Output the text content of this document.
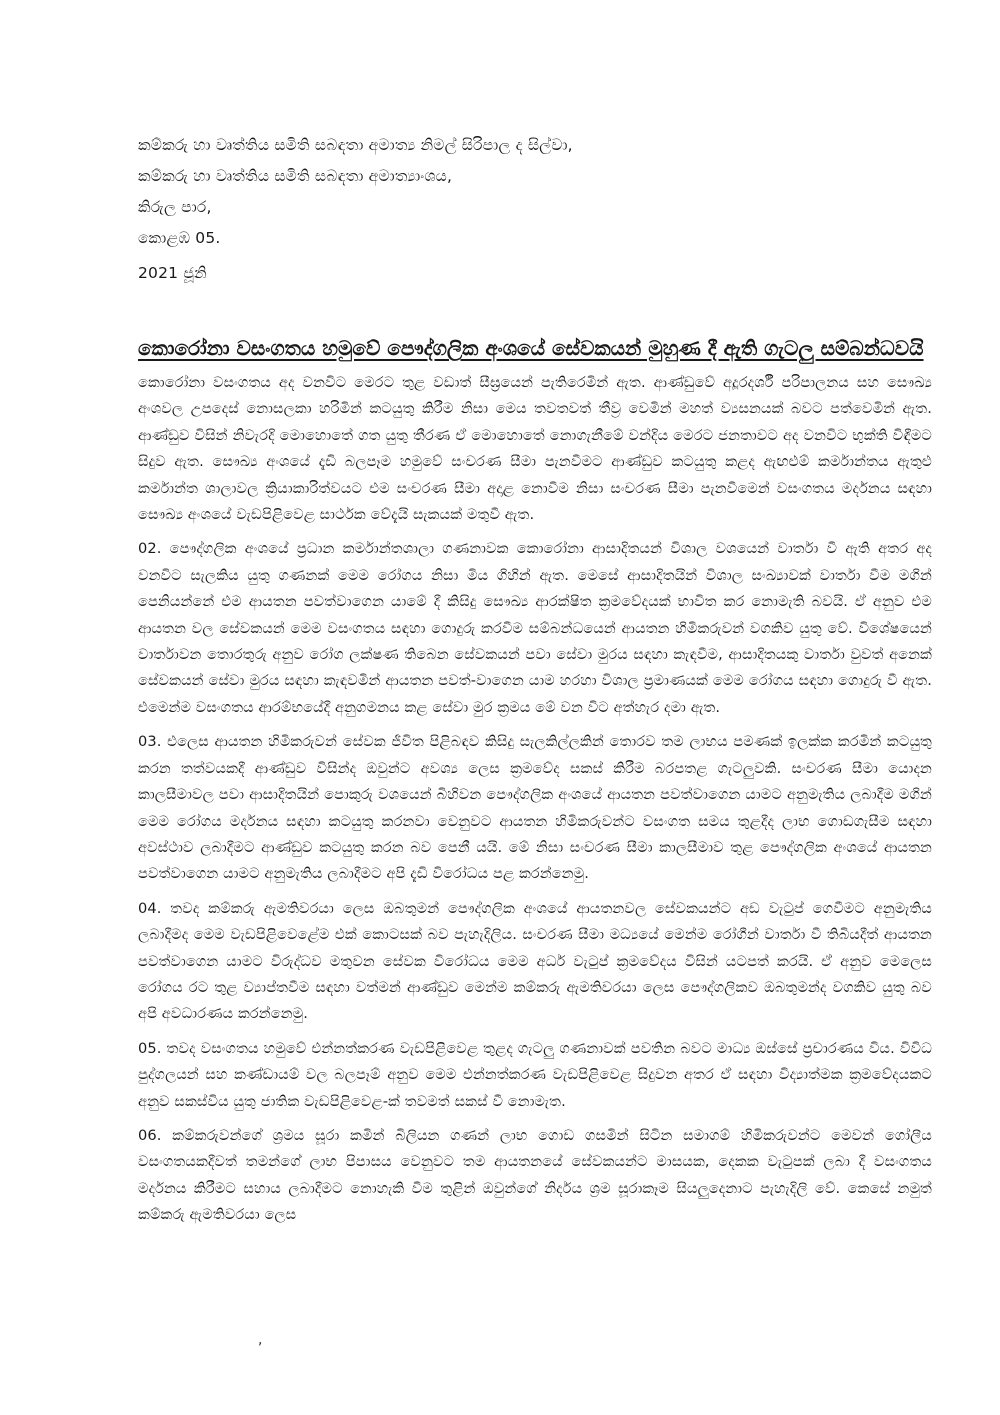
කම්කරු හා වෘත්තිය සමිති සබඳතා අමාත්‍ය නිමල් සිරිපාල ද සිල්වා,

කම්කරු හා වෘත්තිය සමිති සබඳතා අමාත්‍යාංශය,

කිරුල පාර,

කොළඹ 05.

2021 ජූනි

කොරෝනා වසංගතය හමුවේ පෞද්ගලික අංශයේ සේවකයන් මුහුණ දී ඇති ගැටලු සම්බන්ධවයි

කොරෝනා වසංගතය අද වනවිට මෙරට තුළ වඩාත් සීඝ්‍රයෙන් පැතිරෙමින් ඇත. ආණ්ඩුවේ අදූරදර්ශී පරිපාලනය සහ සෞඛ්‍ය අංශවල උපදෙස් නොසලකා හරිමින් කටයුතු කිරීම නිසා මෙය තවතවත් තීව්‍ර වෙමින් මහත් ව්‍යසනයක් බවට පත්වෙමින් ඇත. ආණ්ඩුව විසින් නිවැරදි මොහොතේ ගත යුතු තීරණ ඒ මොහොතේ නොගැනීමේ වන්දිය මෙරට ජනතාවට අද වනවිට භුක්ති විඳීමට සිදුව ඇත. සෞඛ්‍ය අංශයේ දැඩි බලපෑම හමුවේ සංචරණ සීමා පැනවීමට ආණ්ඩුව කටයුතු කළද ඇඟළුම් කර්මාන්තය ඇතුළු කර්මාන්ත ශාලාවල ක්‍රියාකාරිත්වයට එම සංචරණ සීමා අදාළ නොවීම නිසා සංචරණ සීමා පැනවීමෙන් වසංගතය මර්දනය සඳහා සෞඛ්‍ය අංශයේ වැඩපිළිවෙළ සාර්ථක වේදැයි සැකයක් මතුවී ඇත.

02. පෞද්ගලික අංශයේ ප්‍රධාන කර්මාන්තශාලා ගණනාවක කොරෝනා ආසාදිතයන් විශාල වශයෙන් වාර්තා වී ඇති අතර අද වනවිට සැලකිය යුතු ගණනක් මෙම රෝගය නිසා මිය ගිහින් ඇත. මෙසේ ආසාදිතයින් විශාල සංඛ්‍යාවක් වාර්තා වීම මගින් පෙනියන්නේ එම ආයතන පවත්වාගෙන යාමේ දී කිසිදු සෞඛ්‍ය ආරක්ෂිත ක්‍රමවේදයක් භාවිත කර නොමැති බවයි. ඒ අනුව එම ආයතන වල සේවකයන් මෙම වසංගතය සඳහා ගොදුරු කරවීම සම්බන්ධයෙන් ආයතන හිමිකරුවන් වගකිව යුතු වේ. විශේෂයෙන් වාර්තාවන තොරතුරු අනුව රෝග ලක්ෂණ තිබෙන සේවකයන් පවා සේවා මුරය සඳහා කැඳවීම, ආසාදිතයකු වාර්තා වුවත් අනෙක් සේවකයන් සේවා මුරය සඳහා කැඳවමින් ආයතන පවත්-වාගෙන යාම හරහා විශාල ප්‍රමාණයක් මෙම රෝගය සඳහා ගොදුරු වී ඇත. එමෙන්ම වසංගතය ආරම්භයේදී අනුගමනය කළ සේවා මුර ක්‍රමය මේ වන විට අත්හැර දමා ඇත.

03. එලෙස ආයතන හිමිකරුවන් සේවක ජීවිත පිළිබඳව කිසිදු සැලකිල්ලකින් තොරව තම ලාභය පමණක් ඉලක්ක කරමින් කටයුතු කරන තත්වයකදී ආණ්ඩුව විසින්ද ඔවුන්ට අවශ්‍ය ලෙස ක්‍රමවේද සකස් කිරීම බරපතළ ගැටලුවකි. සංචරණ සීමා යොදන කාලසීමාවල පවා ආසාදිතයින් පොකුරු වශයෙන් බිහිවන පෞද්ගලික අංශයේ ආයතන පවත්වාගෙන යාමට අනුමැතිය ලබාදීම මගින් මෙම රෝගය මර්දනය සඳහා කටයුතු කරනවා වෙනුවට ආයතන හිමිකරුවන්ට වසංගත සමය තුළදීද ලාභ ගොඩගැසීම සඳහා අවස්ථාව ලබාදීමට ආණ්ඩුව කටයුතු කරන බව පෙනී යයි. මේ නිසා සංචරණ සීමා කාලසීමාව තුළ පෞද්ගලික අංශයේ ආයතන පවත්වාගෙන යාමට අනුමැතිය ලබාදීමට අපි දැඩි විරෝධය පළ කරන්නෙමු.

04. තවද කම්කරු ඇමතිවරයා ලෙස ඔබතුමන් පෞද්ගලික අංශයේ ආයතනවල සේවකයන්ට අඩ වැටුප් ගෙවීමට අනුමැතිය ලබාදීමද මෙම වැඩපිළිවෙළේම එක් කොටසක් බව පැහැදිලිය. සංචරණ සීමා මධ්‍යයේ මෙන්ම රෝගීන් වාර්තා වී තිබියදීත් ආයතන පවත්වාගෙන යාමට විරුද්ධව මතුවන සේවක විරෝධය මෙම අර්ධ වැටුප් ක්‍රමවේදය විසින් යටපත් කරයි. ඒ අනුව මෙලෙස රෝගය රට තුළ ව්‍යාප්තවීම සඳහා වත්මන් ආණ්ඩුව මෙන්ම කම්කරු ඇමතිවරයා ලෙස පෞද්ගලිකව ඔබතුමන්ද වගකිව යුතු බව අපි අවධාරණය කරන්නෙමු.

05. තවද වසංගතය හමුවේ එන්නත්කරණ වැඩපිළිවෙළ තුළද ගැටලු ගණනාවක් පවතින බවට මාධ්‍ය ඔස්සේ ප්‍රචාරණය විය. විවිධ පුද්ගලයන් සහ කණ්ඩායම් වල බලපෑම් අනුව මෙම එන්නත්කරණ වැඩපිළිවෙළ සිදුවන අතර ඒ සඳහා විද්‍යාත්මක ක්‍රමවේදයකට අනුව සකස්විය යුතු ජාතික වැඩපිළිවෙළ-ක් තවමත් සකස් වී නොමැත.

06. කම්කරුවන්ගේ ශ්‍රමය සූරා කමින් බිලියන ගණන් ලාභ ගොඩ ගසමින් සිටින සමාගම් හිමිකරුවන්ට මෙවන් ගෝලීය වසංගතයකදීවත් තමන්ගේ ලාභ පිපාසය වෙනුවට තම ආයතනයේ සේවකයන්ට මාසයක, දෙකක වැටුපක් ලබා දී වසංගතය මර්දනය කිරීමට සහාය ලබාදීමට නොහැකි වීම තුළින් ඔවුන්ගේ නිර්දය ශ්‍රම සූරාකෑම සියලුදෙනාට පැහැදිලි වේ. කෙසේ නමුත් කම්කරු ඇමතිවරයා ලෙස

,
